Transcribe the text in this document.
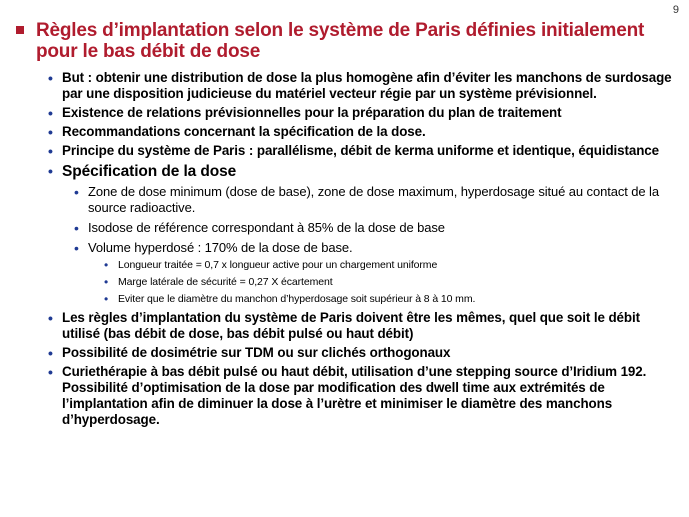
9
Règles d’implantation selon le système de Paris définies initialement pour le bas débit de dose
• But : obtenir une distribution de dose la plus homogène afin d’éviter les manchons de surdosage par une disposition judicieuse du matériel vecteur régie par un système prévisionnel.
• Existence de relations prévisionnelles pour la préparation du plan de traitement
• Recommandations concernant la spécification de la dose.
• Principe du système de Paris : parallélisme, débit de kerma uniforme et identique, équidistance
• Spécification de la dose
• Zone de dose minimum (dose de base), zone de dose maximum, hyperdosage situé au contact de la source radioactive.
• Isodose de référence correspondant à 85% de la dose de base
• Volume hyperdosé : 170% de la dose de base.
• Longueur traitée = 0,7 x longueur active pour un chargement uniforme
• Marge latérale de sécurité = 0,27 X écartement
• Eviter que le diamètre du manchon d’hyperdosage soit supérieur à 8 à 10 mm.
• Les règles d’implantation du système de Paris doivent être les mêmes, quel que soit le débit utilisé (bas débit de dose, bas débit pulsé ou haut débit)
• Possibilité de dosimétrie sur TDM ou sur clichés orthogonaux
• Curiethérapie à bas débit pulsé ou haut débit, utilisation d’une stepping source d’Iridium 192. Possibilité d’optimisation de la dose par modification des dwell time aux extrémités de l’implantation afin de diminuer la dose à l’urètre et minimiser le diamètre des manchons d’hyperdosage.
